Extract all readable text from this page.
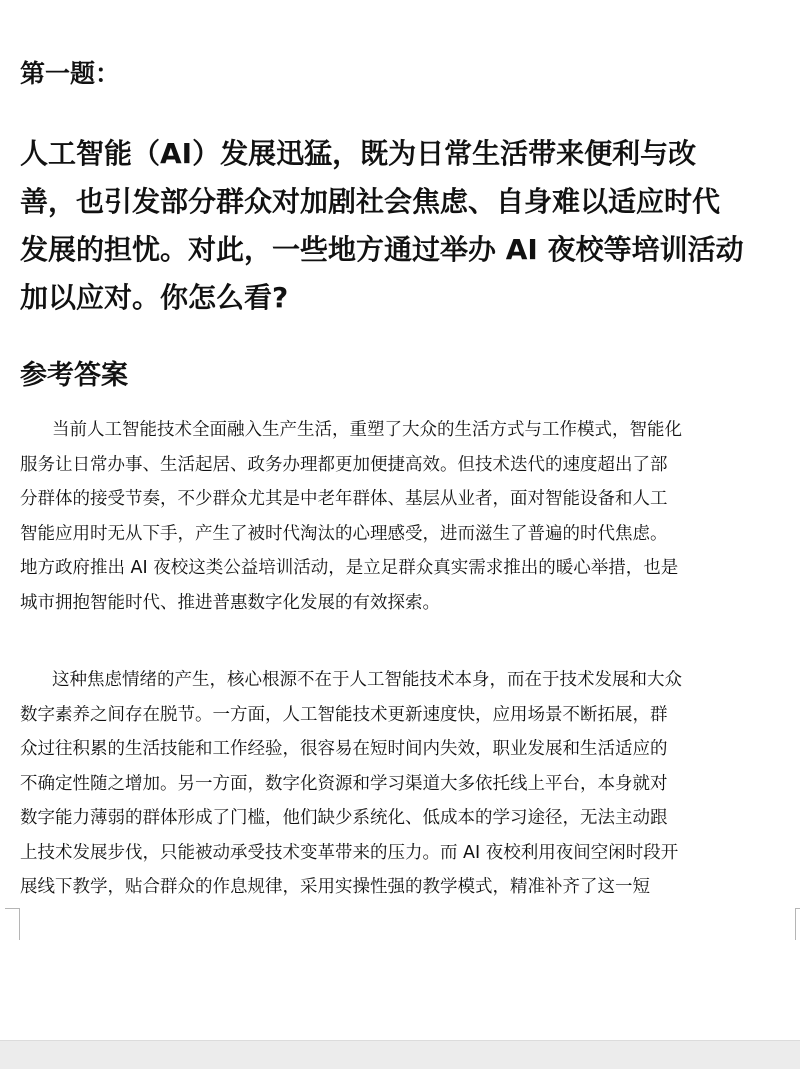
第一题：
人工智能（AI）发展迅猛，既为日常生活带来便利与改
善，也引发部分群众对加剧社会焦虑、自身难以适应时代
发展的担忧。对此，一些地方通过举办 AI 夜校等培训活动
加以应对。你怎么看?
参考答案
当前人工智能技术全面融入生产生活，重塑了大众的生活方式与工作模式，智能化
服务让日常办事、生活起居、政务办理都更加便捷高效。但技术迭代的速度超出了部
分群体的接受节奏，不少群众尤其是中老年群体、基层从业者，面对智能设备和人工
智能应用时无从下手，产生了被时代淘汰的心理感受，进而滋生了普遍的时代焦虑。
地方政府推出 AI 夜校这类公益培训活动，是立足群众真实需求推出的暖心举措，也是
城市拥抱智能时代、推进普惠数字化发展的有效探索。
这种焦虑情绪的产生，核心根源不在于人工智能技术本身，而在于技术发展和大众
数字素养之间存在脱节。一方面，人工智能技术更新速度快，应用场景不断拓展，群
众过往积累的生活技能和工作经验，很容易在短时间内失效，职业发展和生活适应的
不确定性随之增加。另一方面，数字化资源和学习渠道大多依托线上平台，本身就对
数字能力薄弱的群体形成了门槛，他们缺少系统化、低成本的学习途径，无法主动跟
上技术发展步伐，只能被动承受技术变革带来的压力。而 AI 夜校利用夜间空闲时段开
展线下教学，贴合群众的作息规律，采用实操性强的教学模式，精准补齐了这一短
